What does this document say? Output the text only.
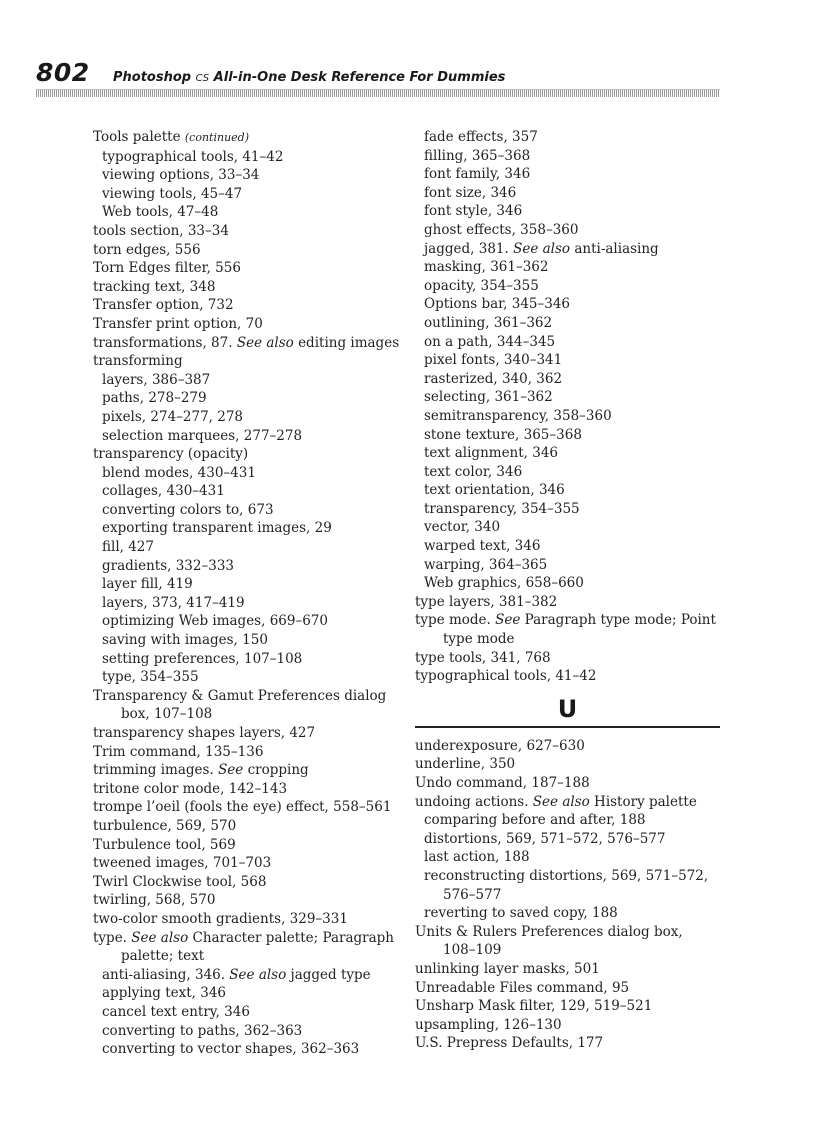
802 Photoshop CS All-in-One Desk Reference For Dummies
Tools palette (continued)
typographical tools, 41–42
viewing options, 33–34
viewing tools, 45–47
Web tools, 47–48
tools section, 33–34
torn edges, 556
Torn Edges filter, 556
tracking text, 348
Transfer option, 732
Transfer print option, 70
transformations, 87. See also editing images
transforming
layers, 386–387
paths, 278–279
pixels, 274–277, 278
selection marquees, 277–278
transparency (opacity)
blend modes, 430–431
collages, 430–431
converting colors to, 673
exporting transparent images, 29
fill, 427
gradients, 332–333
layer fill, 419
layers, 373, 417–419
optimizing Web images, 669–670
saving with images, 150
setting preferences, 107–108
type, 354–355
Transparency & Gamut Preferences dialog
box, 107–108
transparency shapes layers, 427
Trim command, 135–136
trimming images. See cropping
tritone color mode, 142–143
trompe l’oeil (fools the eye) effect, 558–561
turbulence, 569, 570
Turbulence tool, 569
tweened images, 701–703
Twirl Clockwise tool, 568
twirling, 568, 570
two-color smooth gradients, 329–331
type. See also Character palette; Paragraph
palette; text
anti-aliasing, 346. See also jagged type
applying text, 346
cancel text entry, 346
converting to paths, 362–363
converting to vector shapes, 362–363
fade effects, 357
filling, 365–368
font family, 346
font size, 346
font style, 346
ghost effects, 358–360
jagged, 381. See also anti-aliasing
masking, 361–362
opacity, 354–355
Options bar, 345–346
outlining, 361–362
on a path, 344–345
pixel fonts, 340–341
rasterized, 340, 362
selecting, 361–362
semitransparency, 358–360
stone texture, 365–368
text alignment, 346
text color, 346
text orientation, 346
transparency, 354–355
vector, 340
warped text, 346
warping, 364–365
Web graphics, 658–660
type layers, 381–382
type mode. See Paragraph type mode; Point
type mode
type tools, 341, 768
typographical tools, 41–42
U
underexposure, 627–630
underline, 350
Undo command, 187–188
undoing actions. See also History palette
comparing before and after, 188
distortions, 569, 571–572, 576–577
last action, 188
reconstructing distortions, 569, 571–572,
576–577
reverting to saved copy, 188
Units & Rulers Preferences dialog box,
108–109
unlinking layer masks, 501
Unreadable Files command, 95
Unsharp Mask filter, 129, 519–521
upsampling, 126–130
U.S. Prepress Defaults, 177
